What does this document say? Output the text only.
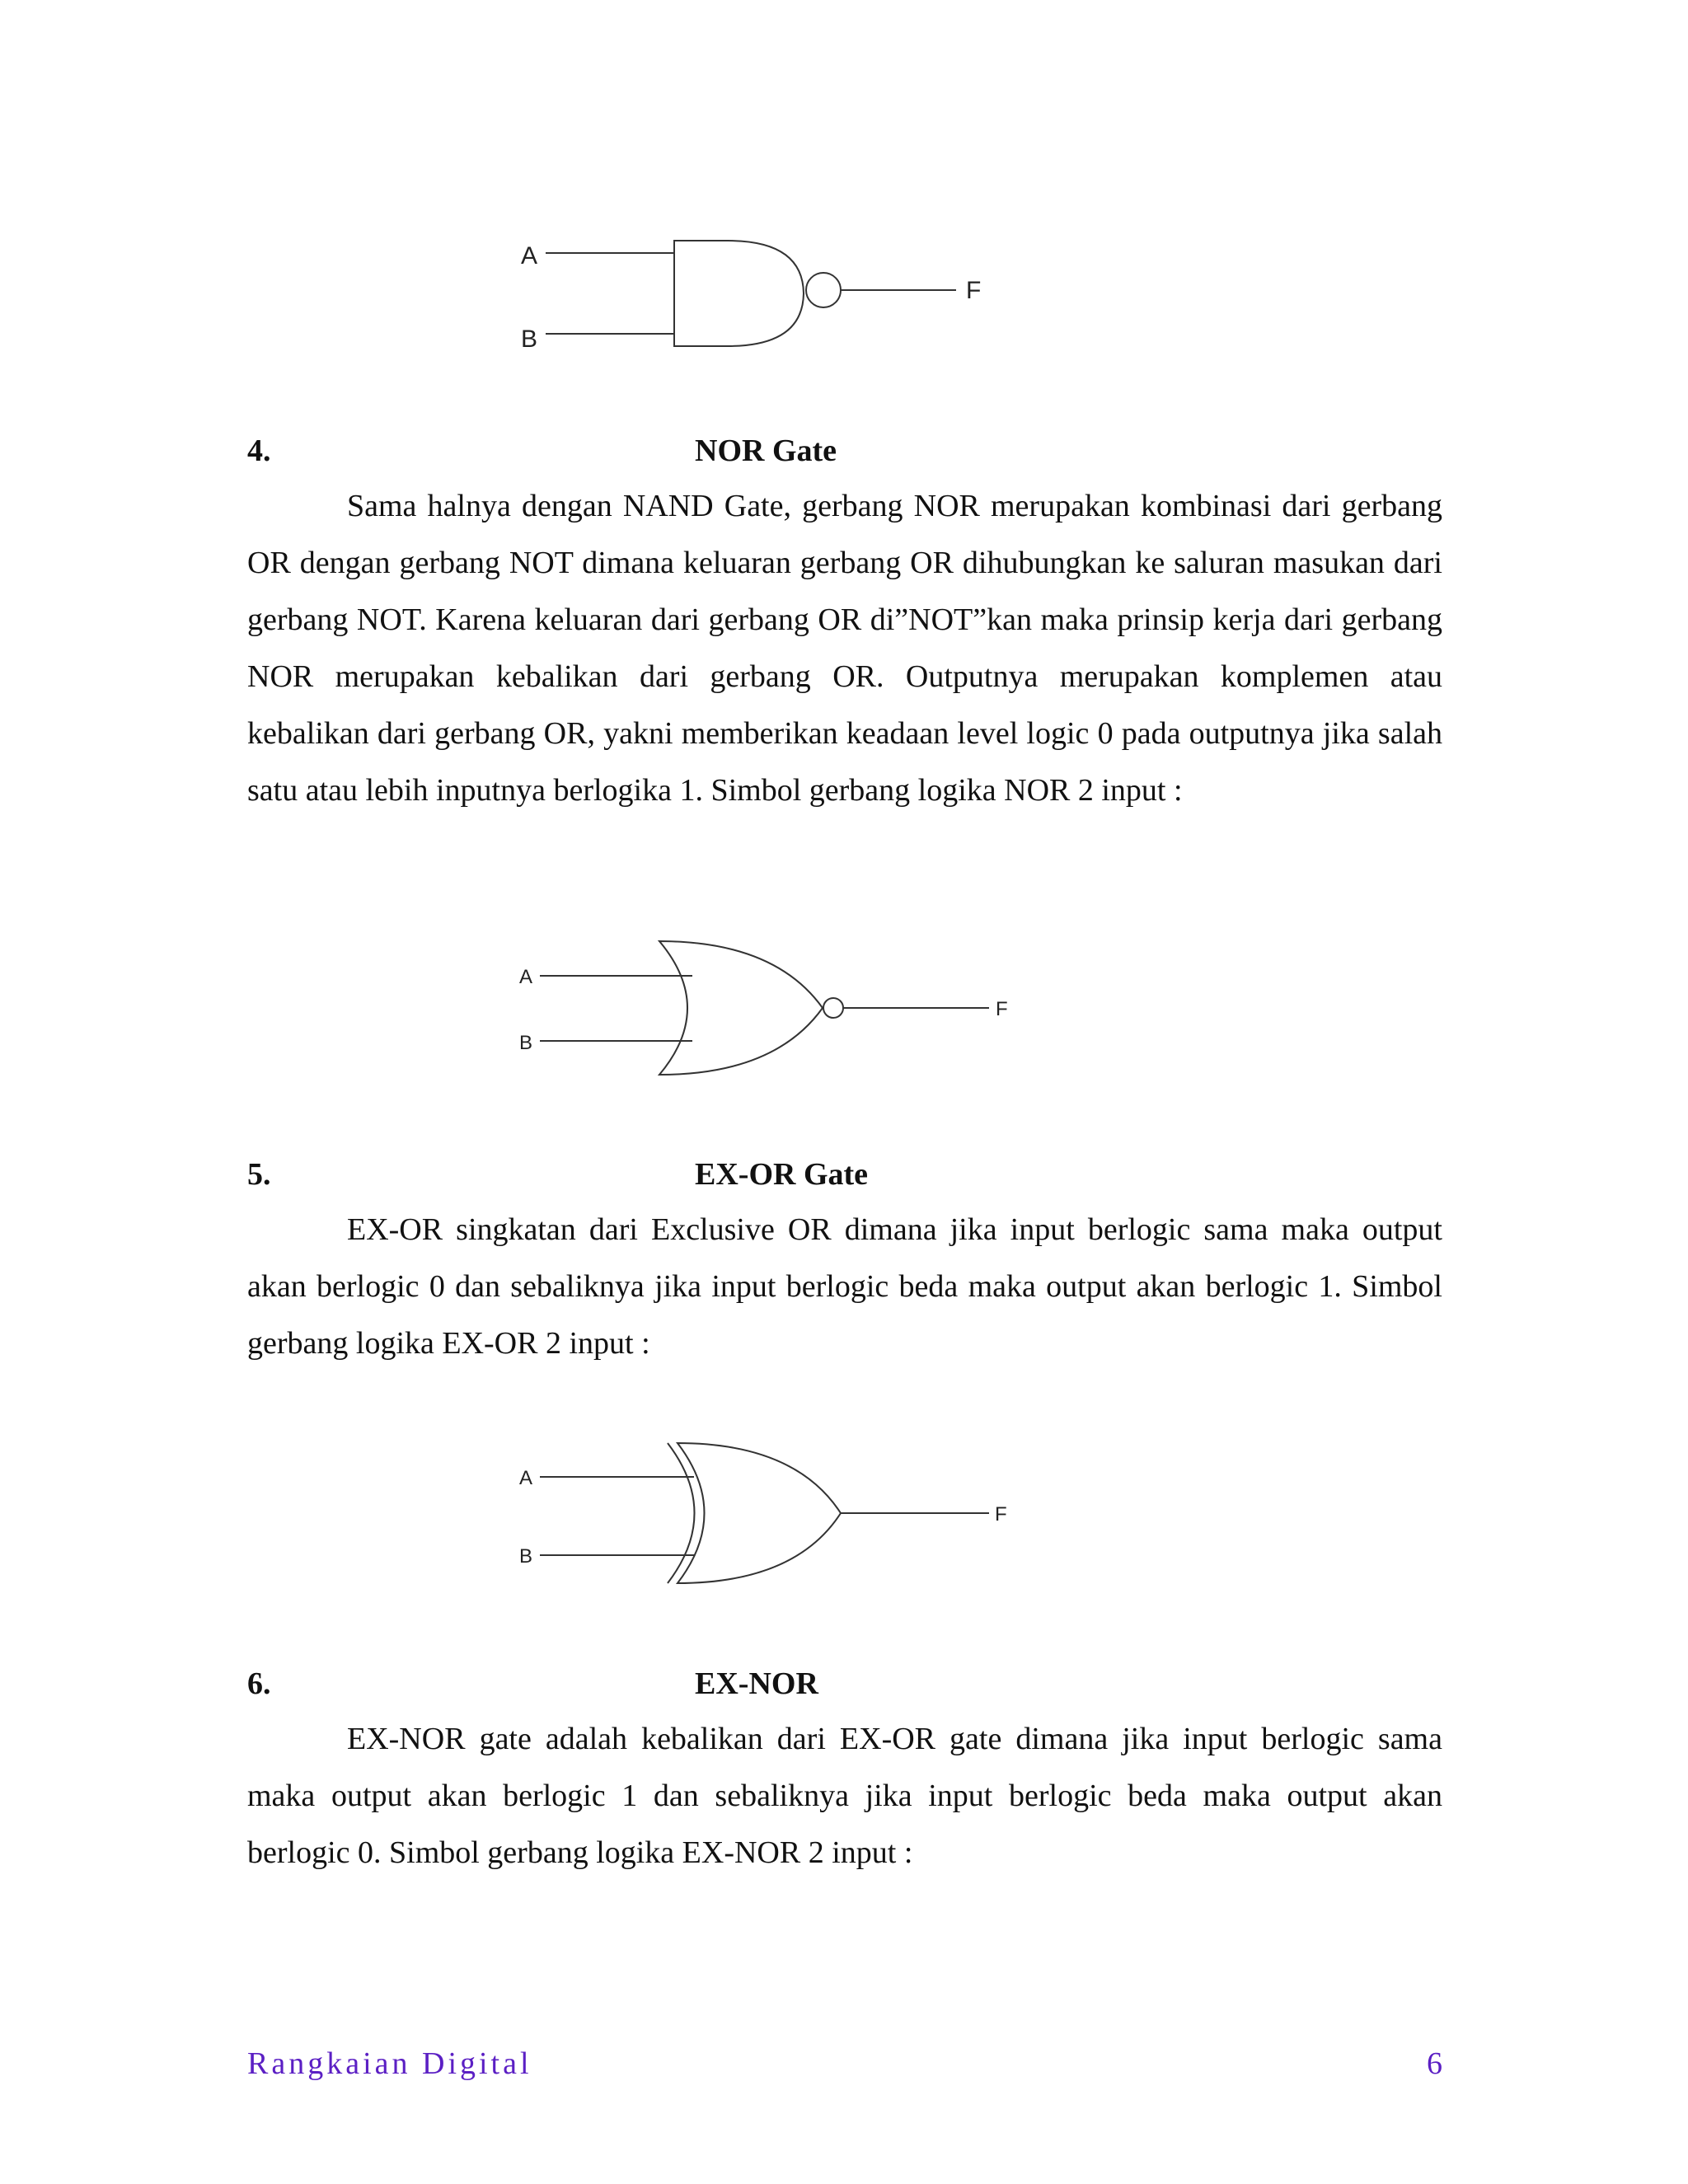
A
B
F
4.	NOR Gate

Sama halnya dengan NAND Gate, gerbang NOR merupakan kombinasi dari gerbang OR dengan gerbang NOT dimana keluaran gerbang OR dihubungkan ke saluran masukan dari gerbang NOT. Karena keluaran dari gerbang OR di”NOT”kan maka prinsip kerja dari gerbang NOR merupakan kebalikan dari gerbang OR. Outputnya merupakan komplemen atau kebalikan dari gerbang OR, yakni memberikan keadaan level logic 0 pada outputnya jika salah satu atau lebih inputnya berlogika 1. Simbol gerbang logika NOR 2 input :

A
B
F
5.	EX-OR Gate

EX-OR singkatan dari Exclusive OR dimana jika input berlogic sama maka output akan berlogic 0 dan sebaliknya jika input berlogic beda maka output akan berlogic 1. Simbol gerbang logika EX-OR 2 input :

A
B
F
6.	EX-NOR

EX-NOR gate adalah kebalikan dari EX-OR gate dimana jika input berlogic sama maka output akan berlogic 1 dan sebaliknya jika input berlogic beda maka output akan berlogic 0. Simbol gerbang logika EX-NOR 2 input :

Rangkaian Digital	6
